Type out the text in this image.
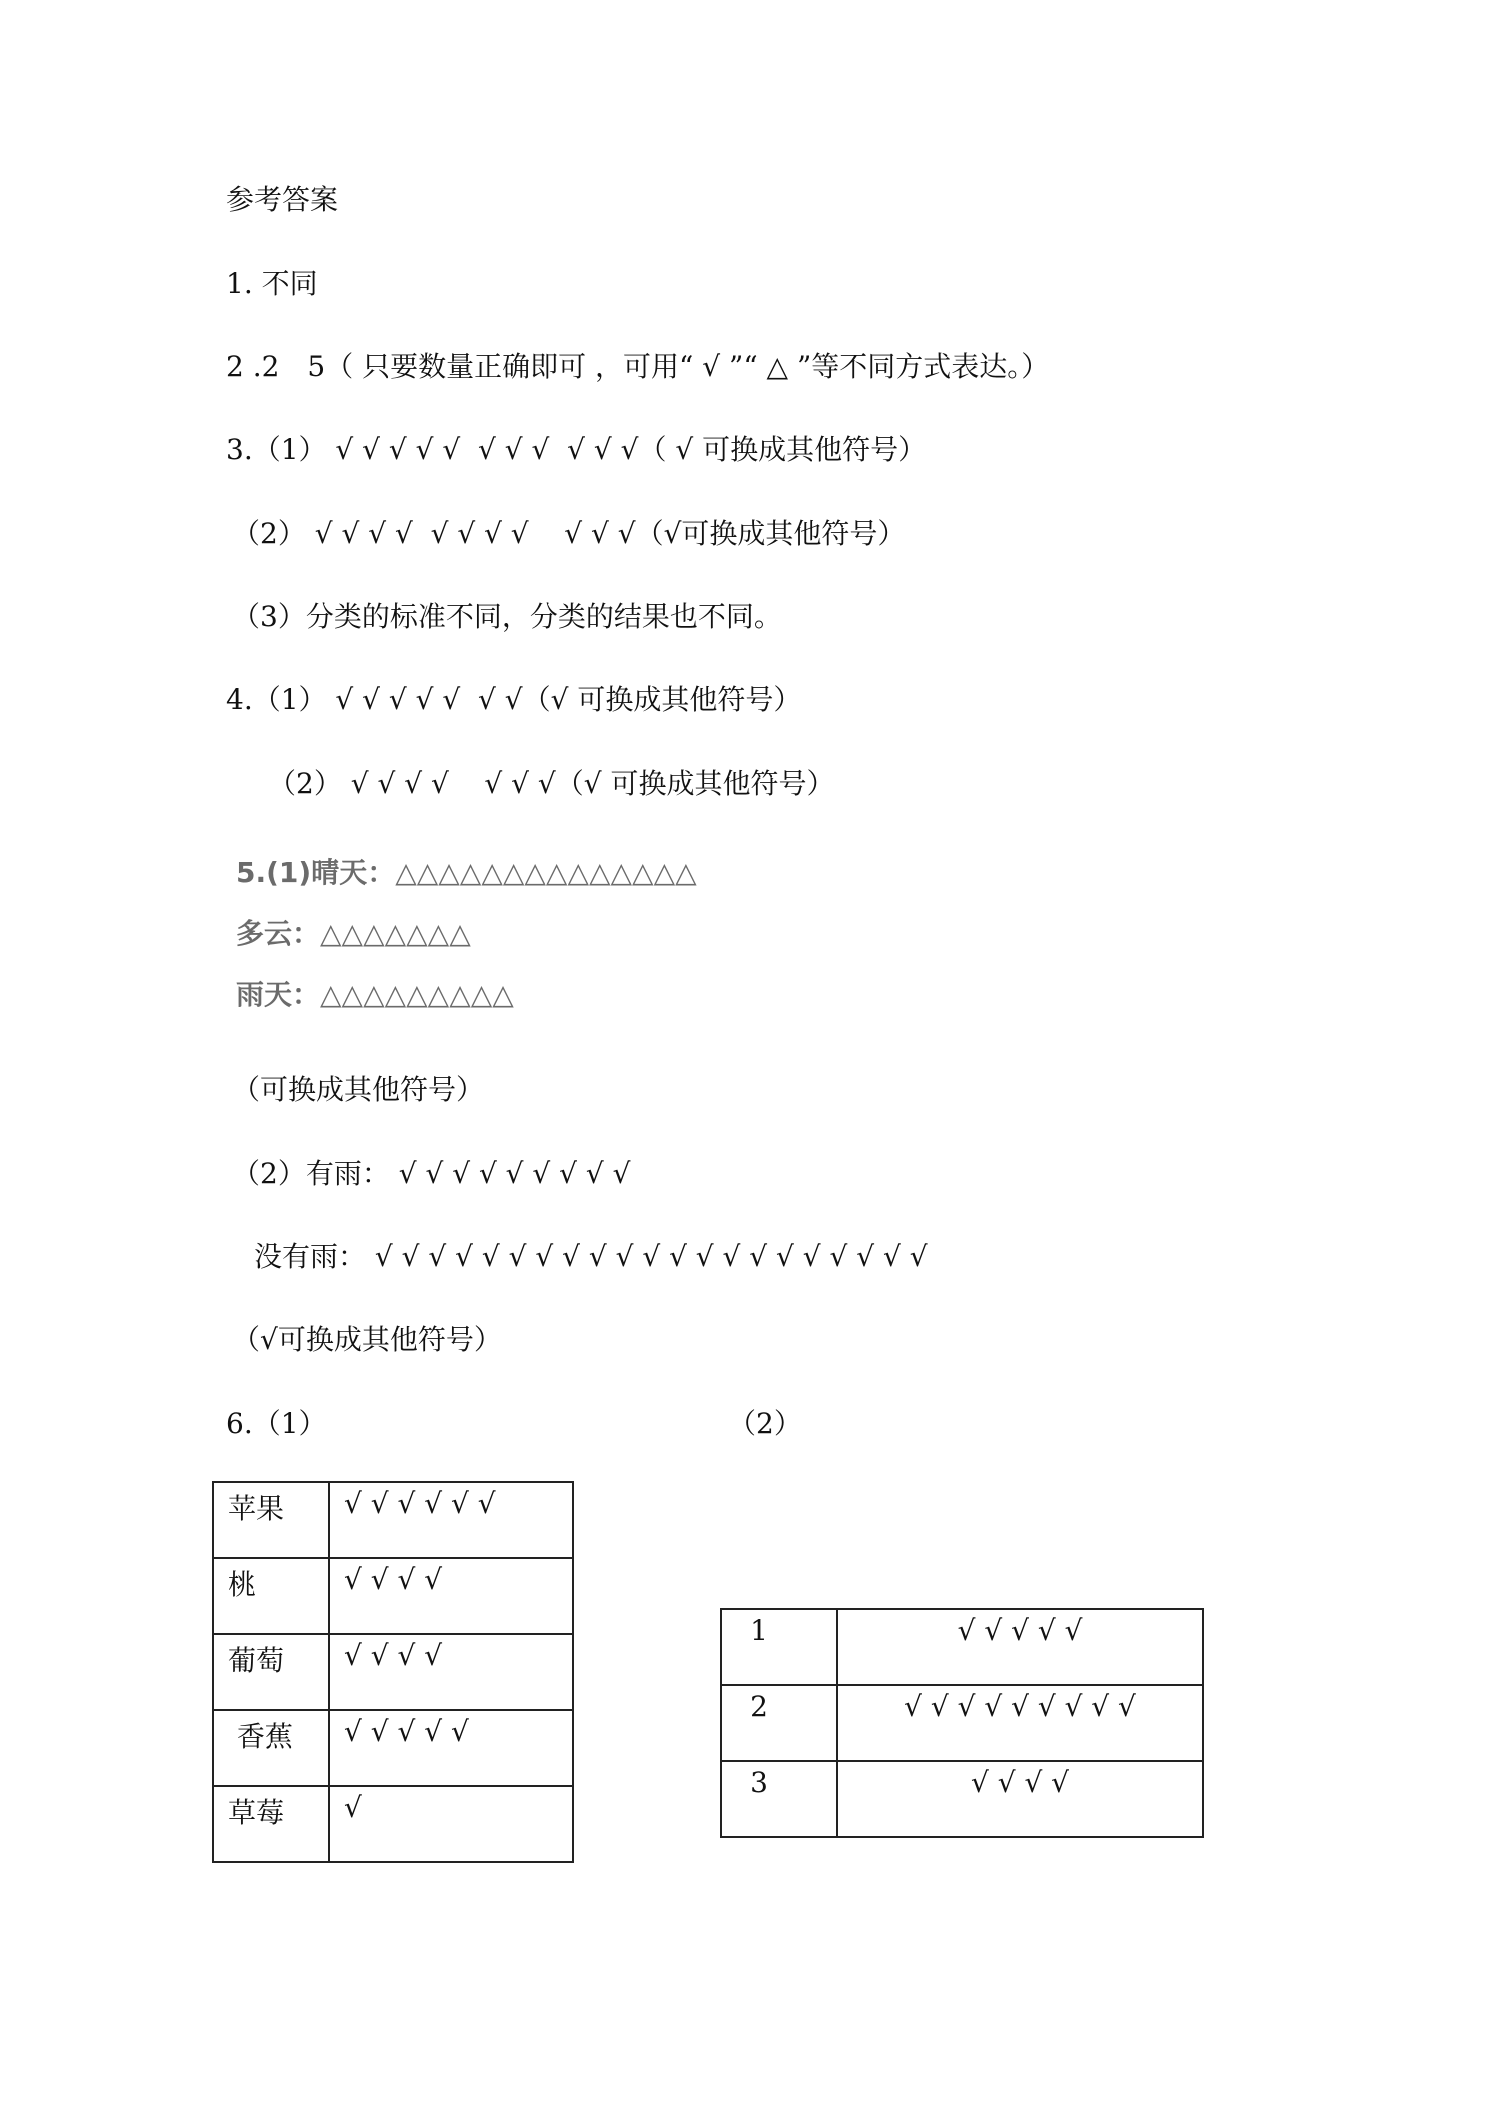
参考答案
1. 不同
2 .2　5（ 只要数量正确即可 ，可用“ √ ”“ △ ”等不同方式表达。）
3.（1） √ √ √ √ √  √ √ √  √ √ √（ √ 可换成其他符号）
（2） √ √ √ √  √ √ √ √    √ √ √（√可换成其他符号）
（3）分类的标准不同，分类的结果也不同。
4.（1） √ √ √ √ √  √ √（√ 可换成其他符号）
（2） √ √ √ √    √ √ √（√ 可换成其他符号）
5.(1)晴天：△△△△△△△△△△△△△△
多云：△△△△△△△
雨天：△△△△△△△△△
（可换成其他符号）
（2）有雨： √ √ √ √ √ √ √ √ √
没有雨： √ √ √ √ √ √ √ √ √ √ √ √ √ √ √ √ √ √ √ √ √
（√可换成其他符号）
6.（1）	（2）
苹果	√ √ √ √ √ √
桃	√ √ √ √
葡萄	√ √ √ √
香蕉	√ √ √ √ √
草莓	√
1	√ √ √ √ √
2	√ √ √ √ √ √ √ √ √
3	√ √ √ √
